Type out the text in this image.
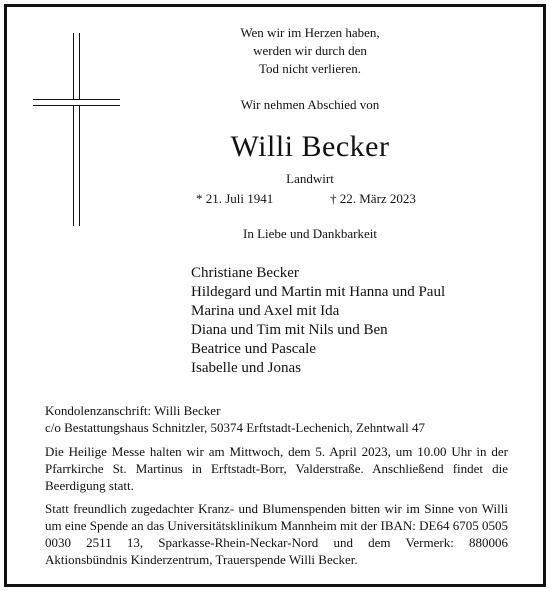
Wen wir im Herzen haben,
werden wir durch den
Tod nicht verlieren.
Wir nehmen Abschied von
Willi Becker
Landwirt
* 21. Juli 1941	† 22. März 2023
In Liebe und Dankbarkeit
Christiane Becker
Hildegard und Martin mit Hanna und Paul
Marina und Axel mit Ida
Diana und Tim mit Nils und Ben
Beatrice und Pascale
Isabelle und Jonas
Kondolenzanschrift: Willi Becker
c/o Bestattungshaus Schnitzler, 50374 Erftstadt-Lechenich, Zehntwall 47

Die Heilige Messe halten wir am Mittwoch, dem 5. April 2023, um 10.00 Uhr in der Pfarrkirche St. Martinus in Erftstadt-Borr, Valderstraße. Anschließend findet die Beerdigung statt.

Statt freundlich zugedachter Kranz- und Blumenspenden bitten wir im Sinne von Willi um eine Spende an das Universitätsklinikum Mannheim mit der IBAN: DE64 6705 0505 0030 2511 13, Sparkasse-Rhein-Neckar-Nord und dem Vermerk: 880006 Aktionsbündnis Kinderzentrum, Trauerspende Willi Becker.
